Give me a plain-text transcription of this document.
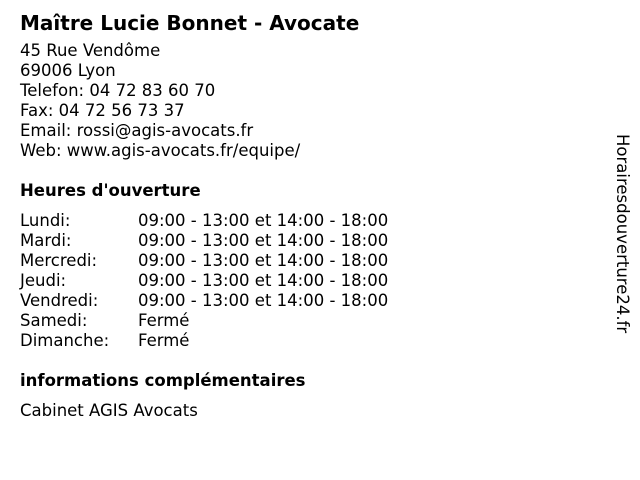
Maître Lucie Bonnet - Avocate
45 Rue Vendôme
69006 Lyon
Telefon: 04 72 83 60 70
Fax: 04 72 56 73 37
Email: rossi@agis-avocats.fr
Web: www.agis-avocats.fr/equipe/
Heures d'ouverture
Lundi:	09:00 - 13:00 et 14:00 - 18:00
Mardi:	09:00 - 13:00 et 14:00 - 18:00
Mercredi:	09:00 - 13:00 et 14:00 - 18:00
Jeudi:	09:00 - 13:00 et 14:00 - 18:00
Vendredi:	09:00 - 13:00 et 14:00 - 18:00
Samedi:	Fermé
Dimanche:	Fermé
informations complémentaires
Cabinet AGIS Avocats
Horairesdouverture24.fr
